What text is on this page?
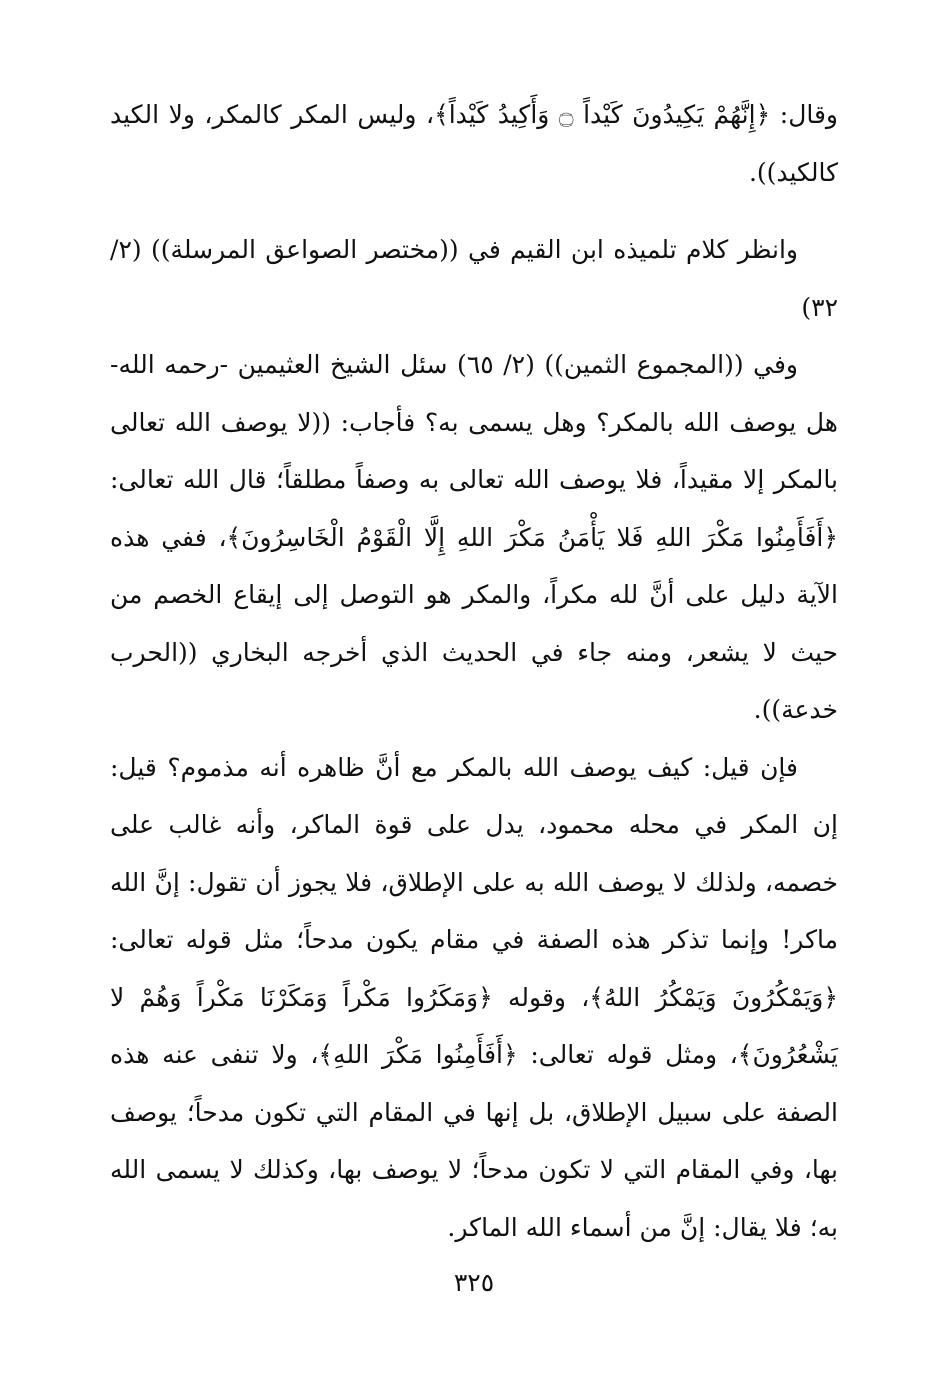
وقال: ﴿إِنَّهُمْ يَكِيدُونَ كَيْداً ۝ وَأَكِيدُ كَيْداً﴾، وليس المكر كالمكر، ولا الكيد كالكيد)).

وانظر كلام تلميذه ابن القيم في ((مختصر الصواعق المرسلة)) (٢/ ٣٢)

وفي ((المجموع الثمين)) (٢/ ٦٥) سئل الشيخ العثيمين -رحمه الله- هل يوصف الله بالمكر؟ وهل يسمى به؟ فأجاب: ((لا يوصف الله تعالى بالمكر إلا مقيداً، فلا يوصف الله تعالى به وصفاً مطلقاً؛ قال الله تعالى: ﴿أَفَأَمِنُوا مَكْرَ اللهِ فَلا يَأْمَنُ مَكْرَ اللهِ إِلَّا الْقَوْمُ الْخَاسِرُونَ﴾، ففي هذه الآية دليل على أنَّ لله مكراً، والمكر هو التوصل إلى إيقاع الخصم من حيث لا يشعر، ومنه جاء في الحديث الذي أخرجه البخاري ((الحرب خدعة)).

فإن قيل: كيف يوصف الله بالمكر مع أنَّ ظاهره أنه مذموم؟ قيل: إن المكر في محله محمود، يدل على قوة الماكر، وأنه غالب على خصمه، ولذلك لا يوصف الله به على الإطلاق، فلا يجوز أن تقول: إنَّ الله ماكر! وإنما تذكر هذه الصفة في مقام يكون مدحاً؛ مثل قوله تعالى: ﴿وَيَمْكُرُونَ وَيَمْكُرُ اللهُ﴾، وقوله ﴿وَمَكَرُوا مَكْراً وَمَكَرْنَا مَكْراً وَهُمْ لا يَشْعُرُونَ﴾، ومثل قوله تعالى: ﴿أَفَأَمِنُوا مَكْرَ اللهِ﴾، ولا تنفى عنه هذه الصفة على سبيل الإطلاق، بل إنها في المقام التي تكون مدحاً؛ يوصف بها، وفي المقام التي لا تكون مدحاً؛ لا يوصف بها، وكذلك لا يسمى الله به؛ فلا يقال: إنَّ من أسماء الله الماكر.

٣٢٥
